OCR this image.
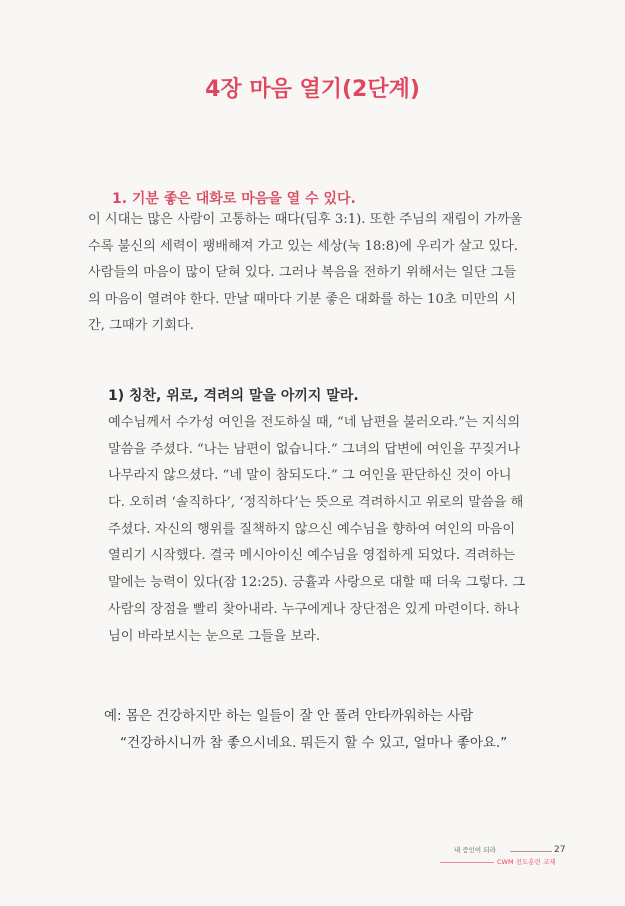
4장 마음 열기(2단계)
1. 기분 좋은 대화로 마음을 열 수 있다.

이 시대는 많은 사람이 고통하는 때다(딤후 3:1). 또한 주님의 재림이 가까울
수록 불신의 세력이 팽배해져 가고 있는 세상(눅 18:8)에 우리가 살고 있다.
사람들의 마음이 많이 닫혀 있다. 그러나 복음을 전하기 위해서는 일단 그들
의 마음이 열려야 한다. 만날 때마다 기분 좋은 대화를 하는 10초 미만의 시
간, 그때가 기회다.

1) 칭찬, 위로, 격려의 말을 아끼지 말라.

예수님께서 수가성 여인을 전도하실 때, “네 남편을 불러오라.”는 지식의
말씀을 주셨다. “나는 남편이 없습니다.” 그녀의 답변에 여인을 꾸짖거나
나무라지 않으셨다. “네 말이 참되도다.” 그 여인을 판단하신 것이 아니
다. 오히려 ‘솔직하다’, ‘정직하다’는 뜻으로 격려하시고 위로의 말씀을 해
주셨다. 자신의 행위를 질책하지 않으신 예수님을 향하여 여인의 마음이
열리기 시작했다. 결국 메시아이신 예수님을 영접하게 되었다. 격려하는
말에는 능력이 있다(잠 12:25). 긍휼과 사랑으로 대할 때 더욱 그렇다. 그
사람의 장점을 빨리 찾아내라. 누구에게나 장단점은 있게 마련이다. 하나
님이 바라보시는 눈으로 그들을 보라.

예: 몸은 건강하지만 하는 일들이 잘 안 풀려 안타까워하는 사람
“건강하시니까 참 좋으시네요. 뭐든지 할 수 있고, 얼마나 좋아요.”
내 증인이 되라
CWM 전도훈련 교재
27
